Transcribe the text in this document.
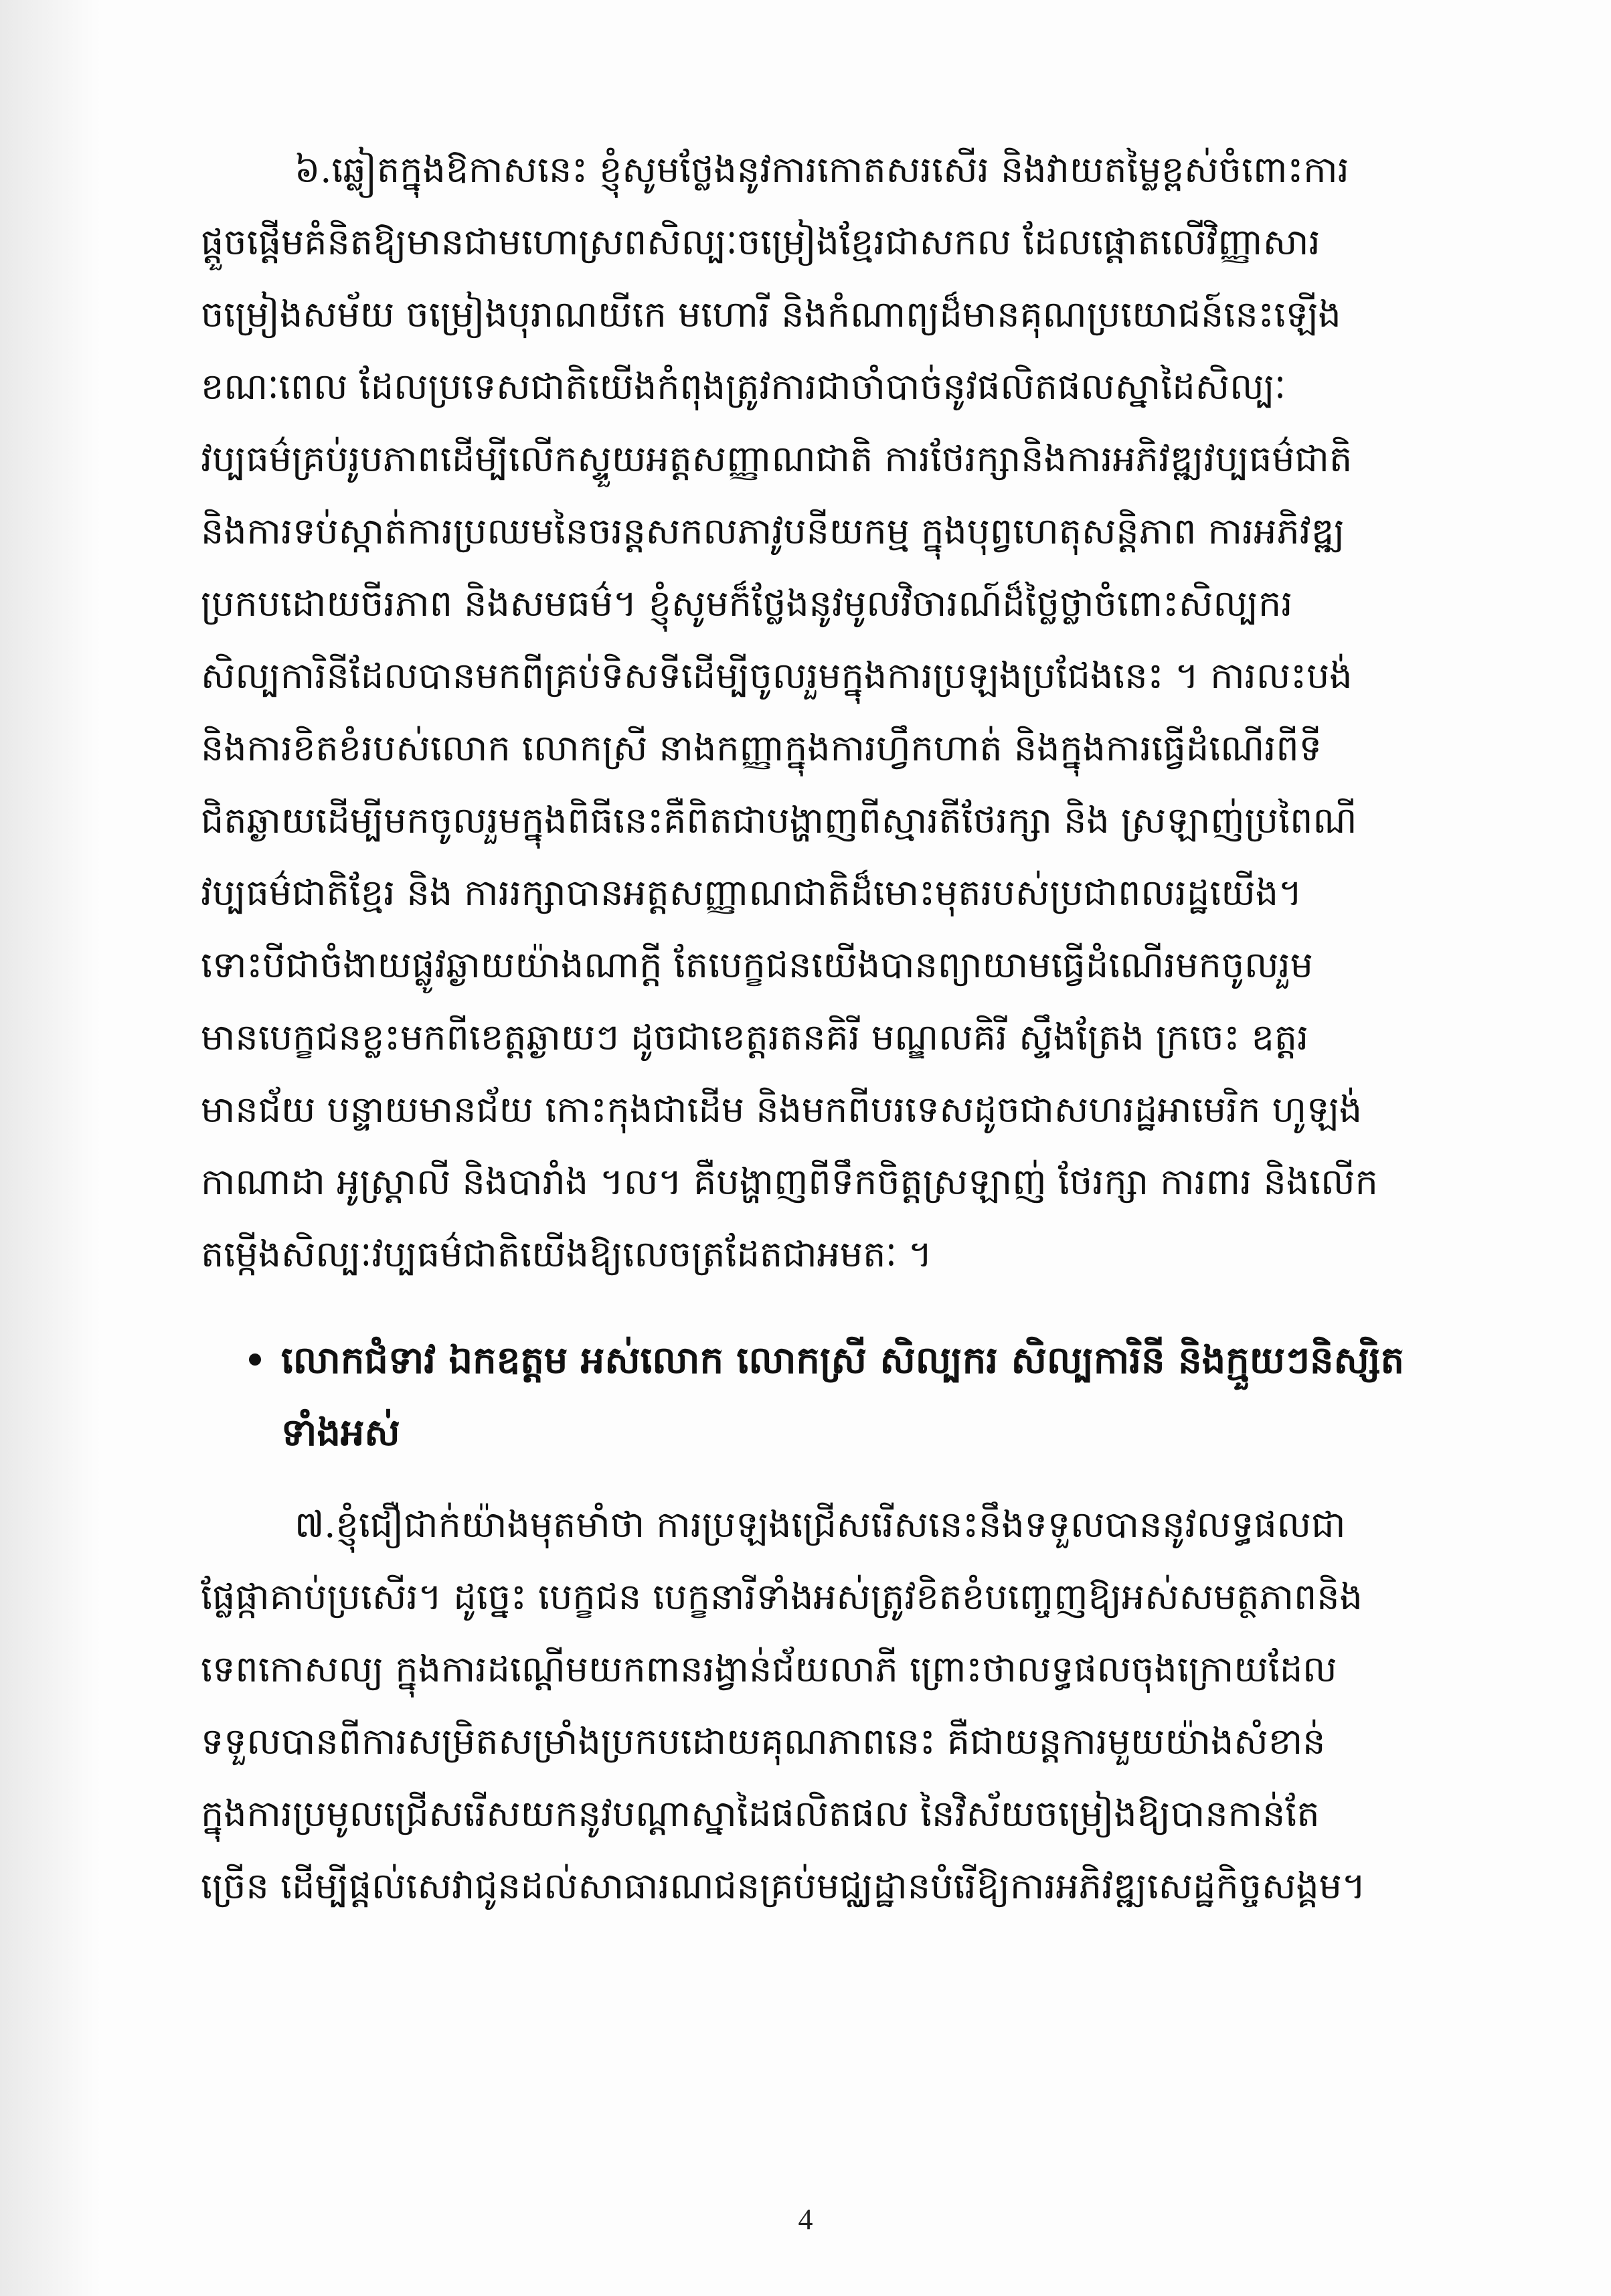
៦.ឆ្លៀតក្នុងឱកាសនេះ ខ្ញុំសូមថ្លែងនូវការកោតសរសើរ និងវាយតម្លៃខ្ពស់ចំពោះការ
ផ្តួចផ្តើមគំនិតឱ្យមានជាមហោស្រពសិល្បៈចម្រៀងខ្មែរជាសកល ដែលផ្តោតលើវិញ្ញាសារ
ចម្រៀងសម័យ ចម្រៀងបុរាណយីកេ មហោរី និងកំណាព្យដ៏មានគុណប្រយោជន៍នេះឡើង
ខណៈពេល ដែលប្រទេសជាតិយើងកំពុងត្រូវការជាចាំបាច់នូវផលិតផលស្នាដៃសិល្បៈ
វប្បធម៌គ្រប់រូបភាពដើម្បីលើកស្ទួយអត្តសញ្ញាណជាតិ ការថែរក្សានិងការអភិវឌ្ឍវប្បធម៌ជាតិ
និងការទប់ស្កាត់ការប្រឈមនៃចរន្តសកលភាវូបនីយកម្ម ក្នុងបុព្វហេតុសន្តិភាព ការអភិវឌ្ឍ
ប្រកបដោយចីរភាព និងសមធម៌។ ខ្ញុំសូមក៏ថ្លែងនូវមូលវិចារណ៍ដ៏ថ្លៃថ្លាចំពោះសិល្បករ
សិល្បការិនីដែលបានមកពីគ្រប់ទិសទីដើម្បីចូលរួមក្នុងការប្រឡងប្រជែងនេះ ។ ការលះបង់
និងការខិតខំរបស់លោក លោកស្រី នាងកញ្ញាក្នុងការហ្វឹកហាត់ និងក្នុងការធ្វើដំណើរពីទី
ជិតឆ្ងាយដើម្បីមកចូលរួមក្នុងពិធីនេះគឺពិតជាបង្ហាញពីស្មារតីថែរក្សា និង ស្រឡាញ់ប្រពៃណី
វប្បធម៌ជាតិខ្មែរ និង ការរក្សាបានអត្តសញ្ញាណជាតិដ៏មោះមុតរបស់ប្រជាពលរដ្ឋយើង។
ទោះបីជាចំងាយផ្លូវឆ្ងាយយ៉ាងណាក្តី តែបេក្ខជនយើងបានព្យាយាមធ្វើដំណើរមកចូលរួម
មានបេក្ខជនខ្លះមកពីខេត្តឆ្ងាយៗ ដូចជាខេត្តរតនគិរី មណ្ឌលគិរី ស្ទឹងត្រែង ក្រចេះ ឧត្តរ
មានជ័យ បន្ទាយមានជ័យ កោះកុងជាដើម និងមកពីបរទេសដូចជាសហរដ្ឋអាមេរិក ហូឡង់
កាណាដា អូស្ត្រាលី និងបារាំង ។ល។ គឺបង្ហាញពីទឹកចិត្តស្រឡាញ់ ថែរក្សា ការពារ និងលើក
តម្កើងសិល្បៈវប្បធម៌ជាតិយើងឱ្យលេចត្រដែតជាអមតៈ ។

លោកជំទាវ ឯកឧត្តម អស់លោក លោកស្រី សិល្បករ សិល្បការិនី និងក្មួយៗនិស្សិត
ទាំងអស់

៧.ខ្ញុំជឿជាក់យ៉ាងមុតមាំថា ការប្រឡងជ្រើសរើសនេះនឹងទទួលបាននូវលទ្ធផលជា
ផ្លែផ្កាគាប់ប្រសើរ។ ដូច្នេះ បេក្ខជន បេក្ខនារីទាំងអស់ត្រូវខិតខំបញ្ចេញឱ្យអស់សមត្ថភាពនិង
ទេពកោសល្យ ក្នុងការដណ្តើមយកពានរង្វាន់ជ័យលាភី ព្រោះថាលទ្ធផលចុងក្រោយដែល
ទទួលបានពីការសម្រិតសម្រាំងប្រកបដោយគុណភាពនេះ គឺជាយន្តការមួយយ៉ាងសំខាន់
ក្នុងការប្រមូលជ្រើសរើសយកនូវបណ្តាស្នាដៃផលិតផល នៃវិស័យចម្រៀងឱ្យបានកាន់តែ
ច្រើន ដើម្បីផ្តល់សេវាជូនដល់សាធារណជនគ្រប់មជ្ឈដ្ឋានបំរើឱ្យការអភិវឌ្ឍសេដ្ឋកិច្ចសង្គម។

4
